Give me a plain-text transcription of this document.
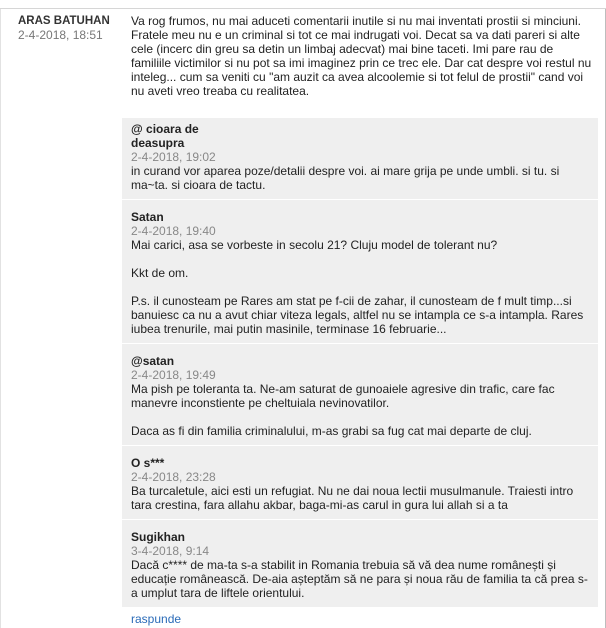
ARAS BATUHAN
2-4-2018, 18:51

Va rog frumos, nu mai aduceti comentarii inutile si nu mai inventati prostii si minciuni.

Fratele meu nu e un criminal si tot ce mai indrugati voi. Decat sa va dati pareri si alte cele (incerc din greu sa detin un limbaj adecvat) mai bine taceti. Imi pare rau de familiile victimilor si nu pot sa imi imaginez prin ce trec ele. Dar cat despre voi restul nu inteleg... cum sa veniti cu "am auzit ca avea alcoolemie si tot felul de prostii" cand voi nu aveti vreo treaba cu realitatea.

@ cioara de deasupra
2-4-2018, 19:02

in curand vor aparea poze/detalii despre voi. ai mare grija pe unde umbli. si tu. si ma~ta. si cioara de tactu.

Satan
2-4-2018, 19:40

Mai carici, asa se vorbeste in secolu 21? Cluju model de tolerant nu?

Kkt de om.

P.s. il cunosteam pe Rares am stat pe f-cii de zahar, il cunosteam de f mult timp...si banuiesc ca nu a avut chiar viteza legals, altfel nu se intampla ce s-a intampla. Rares iubea trenurile, mai putin masinile, terminase 16 februarie...

@satan
2-4-2018, 19:49

Ma pish pe toleranta ta. Ne-am saturat de gunoaiele agresive din trafic, care fac manevre inconstiente pe cheltuiala nevinovatilor.

Daca as fi din familia criminalului, m-as grabi sa fug cat mai departe de cluj.

O s***
2-4-2018, 23:28

Ba turcaletule, aici esti un refugiat. Nu ne dai noua lectii musulmanule. Traiesti intro tara crestina, fara allahu akbar, baga-mi-as carul in gura lui allah si a ta

Sugikhan
3-4-2018, 9:14

Dacă c**** de ma-ta s-a stabilit in Romania trebuia să vă dea nume românești și educație românească. De-aia așteptăm să ne para și noua rău de familia ta că prea s-a umplut tara de liftele orientului.

raspunde
